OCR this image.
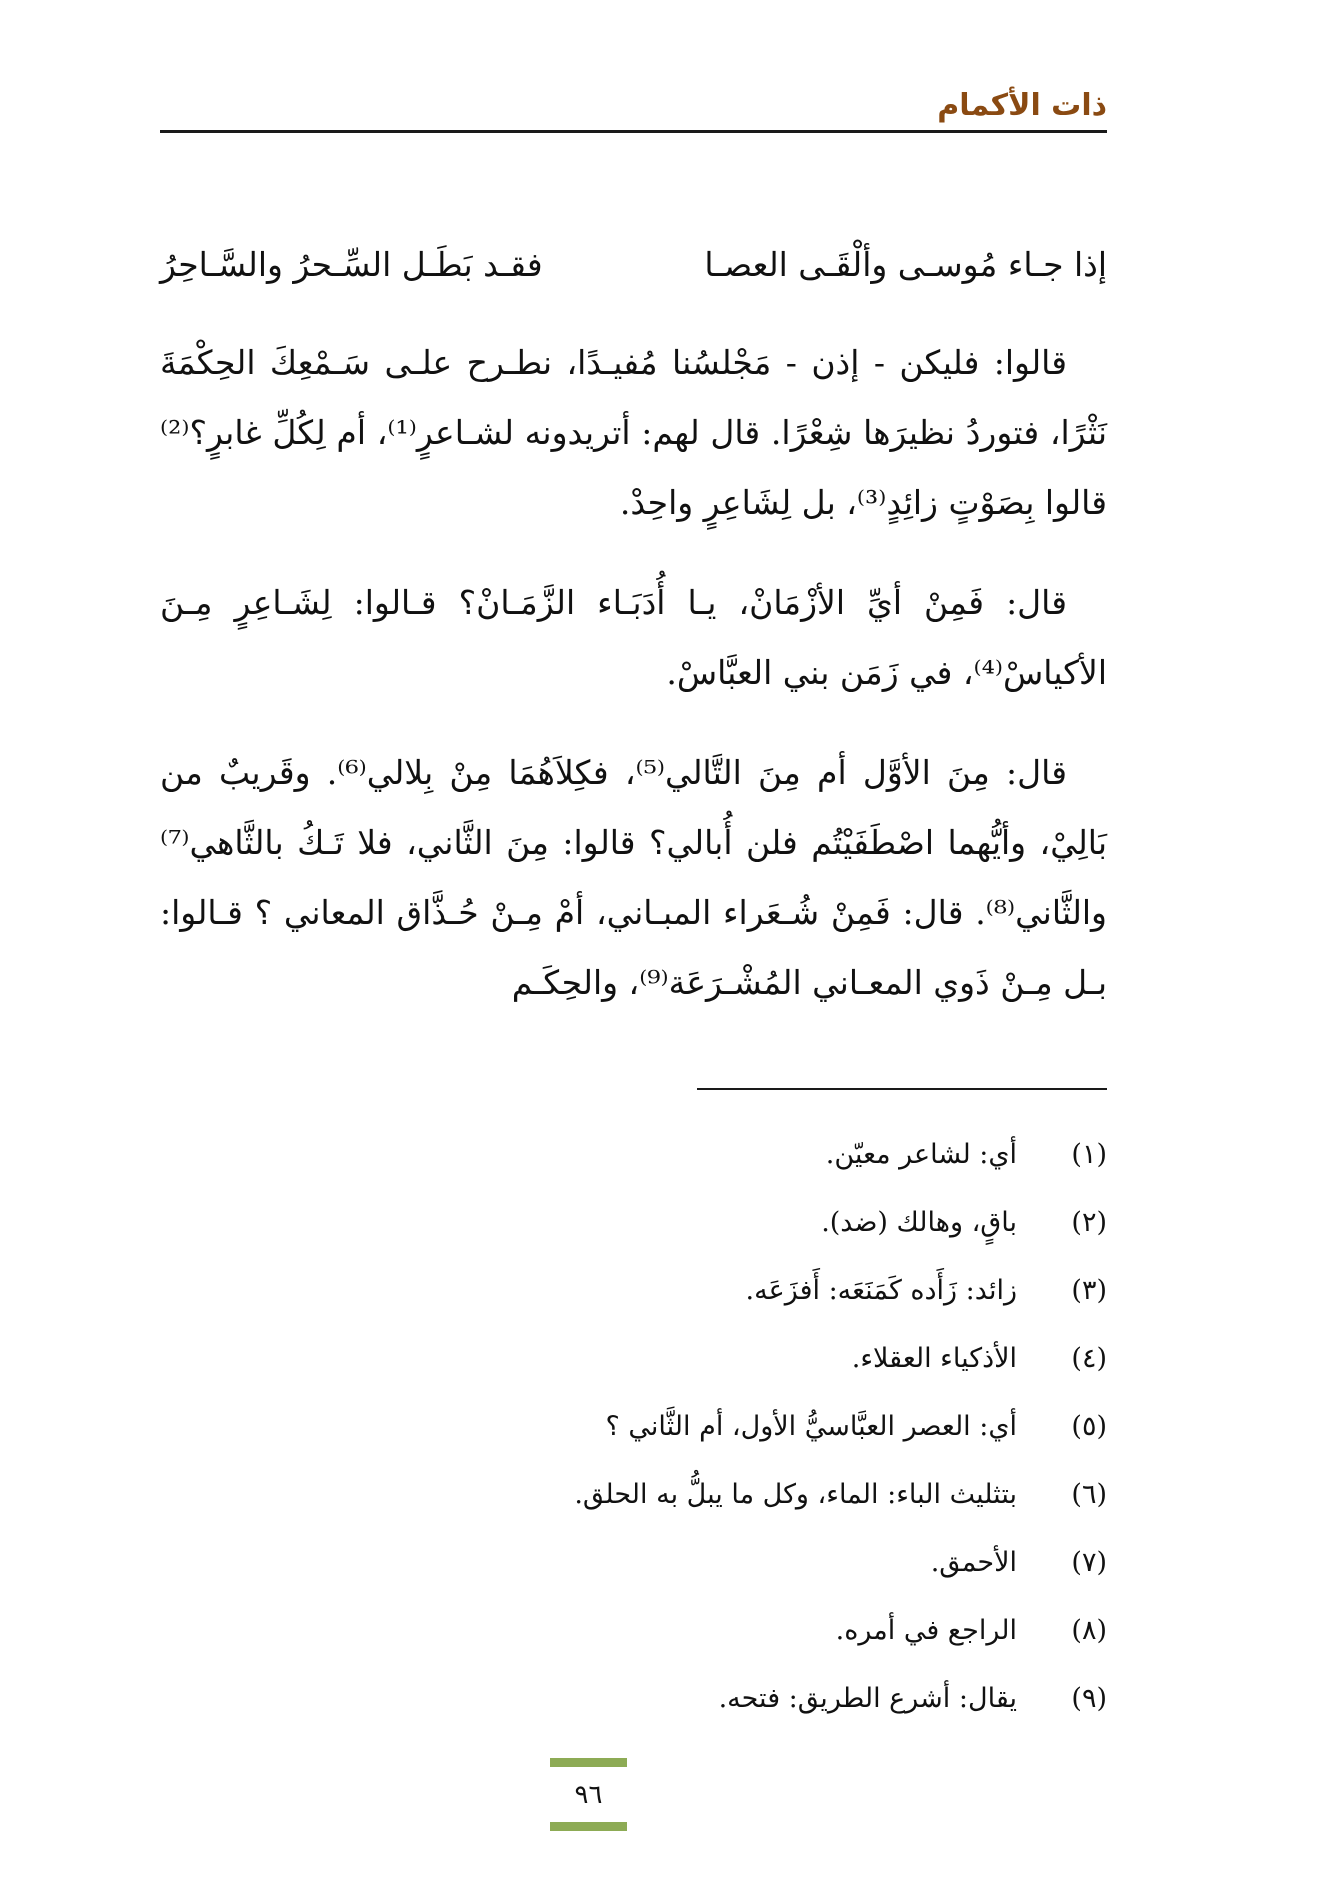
ذات الأكمام
إذا جـاء مُوسـى وألْقَـى العصـا
فقـد بَطَـل السِّـحرُ والسَّـاحِرُ

قالوا: فليكن - إذن - مَجْلسُنا مُفيـدًا، نطـرح علـى سَـمْعِكَ الحِكْمَةَ نَثْرًا، فتوردُ نظيرَها شِعْرًا. قال لهم: أتريدونه لشـاعرٍ⁽¹⁾، أم لِكُلِّ غابرٍ؟⁽²⁾ قالوا بِصَوْتٍ زائِدٍ⁽³⁾، بل لِشَاعِرٍ واحِدْ.

قال: فَمِنْ أيِّ الأزْمَانْ، يـا أُدَبَـاء الزَّمَـانْ؟ قـالوا: لِشَـاعِرٍ مِـنَ الأكياسْ⁽⁴⁾، في زَمَن بني العبَّاسْ.

قال: مِنَ الأوَّل أم مِنَ التَّالي⁽⁵⁾، فكِلاَهُمَا مِنْ بِلالي⁽⁶⁾. وقَريبٌ من بَالِيْ، وأيُّهما اصْطَفَيْتُم فلن أُبالي؟ قالوا: مِنَ الثَّاني، فلا تَـكُ بالثَّاهي⁽⁷⁾ والثَّاني⁽⁸⁾. قال: فَمِنْ شُـعَراء المبـاني، أمْ مِـنْ حُـذَّاق المعاني ؟ قـالوا: بـل مِـنْ ذَوي المعـاني المُشْـرَعَة⁽⁹⁾، والحِكَـم

(١)
أي: لشاعر معيّن.
(٢)
باقٍ، وهالك (ضد).
(٣)
زائد: زَأَده كَمَنَعَه: أَفزَعَه.
(٤)
الأذكياء العقلاء.
(٥)
أي: العصر العبَّاسيُّ الأول، أم الثَّاني ؟
(٦)
بتثليث الباء: الماء، وكل ما يبلُّ به الحلق.
(٧)
الأحمق.
(٨)
الراجع في أمره.
(٩)
يقال: أشرع الطريق: فتحه.
٩٦
